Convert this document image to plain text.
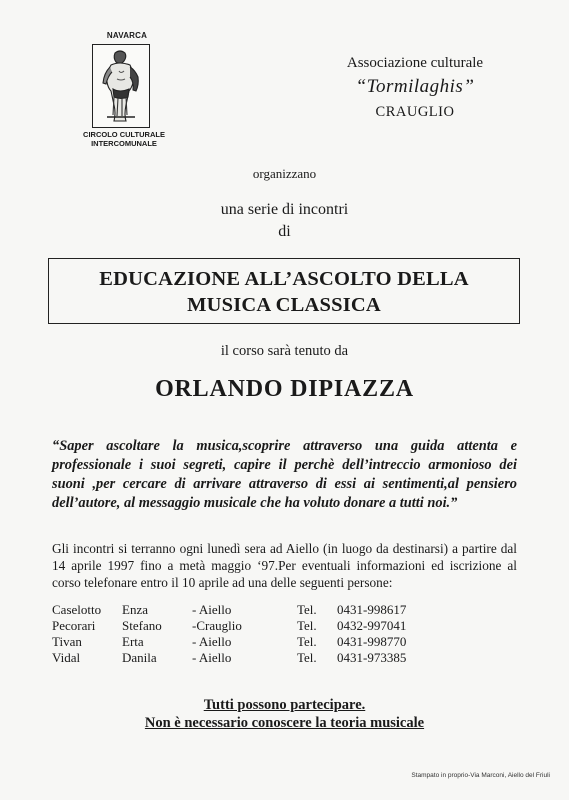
NAVARCA
CIRCOLO CULTURALE
INTERCOMUNALE
Associazione culturale
“Tormilaghis”
CRAUGLIO
organizzano
una serie di incontri
di
EDUCAZIONE ALL’ASCOLTO DELLA
MUSICA CLASSICA
il corso sarà tenuto da
ORLANDO DIPIAZZA
“Saper ascoltare la musica,scoprire attraverso una guida attenta e
professionale i suoi segreti, capire il perchè dell’intreccio armonioso dei
suoni ,per cercare di arrivare attraverso di essi ai sentimenti,al pensiero
dell’autore, al messaggio musicale che ha voluto donare a tutti noi.”
Gli incontri si terranno ogni lunedì sera ad Aiello (in luogo da destinarsi) a partire dal
14 aprile 1997 fino a metà maggio ‘97.Per eventuali informazioni ed iscrizione al
corso telefonare entro il 10 aprile ad una delle seguenti persone:
Caselotto Enza	- Aiello	Tel. 0431-998617
Pecorari Stefano -Crauglio	Tel. 0432-997041
Tivan	Erta	- Aiello	Tel. 0431-998770
Vidal	Danila	- Aiello	Tel. 0431-973385
Tutti possono partecipare.
Non è necessario conoscere la teoria musicale
Stampato in proprio-Via Marconi, Aiello del Friuli
